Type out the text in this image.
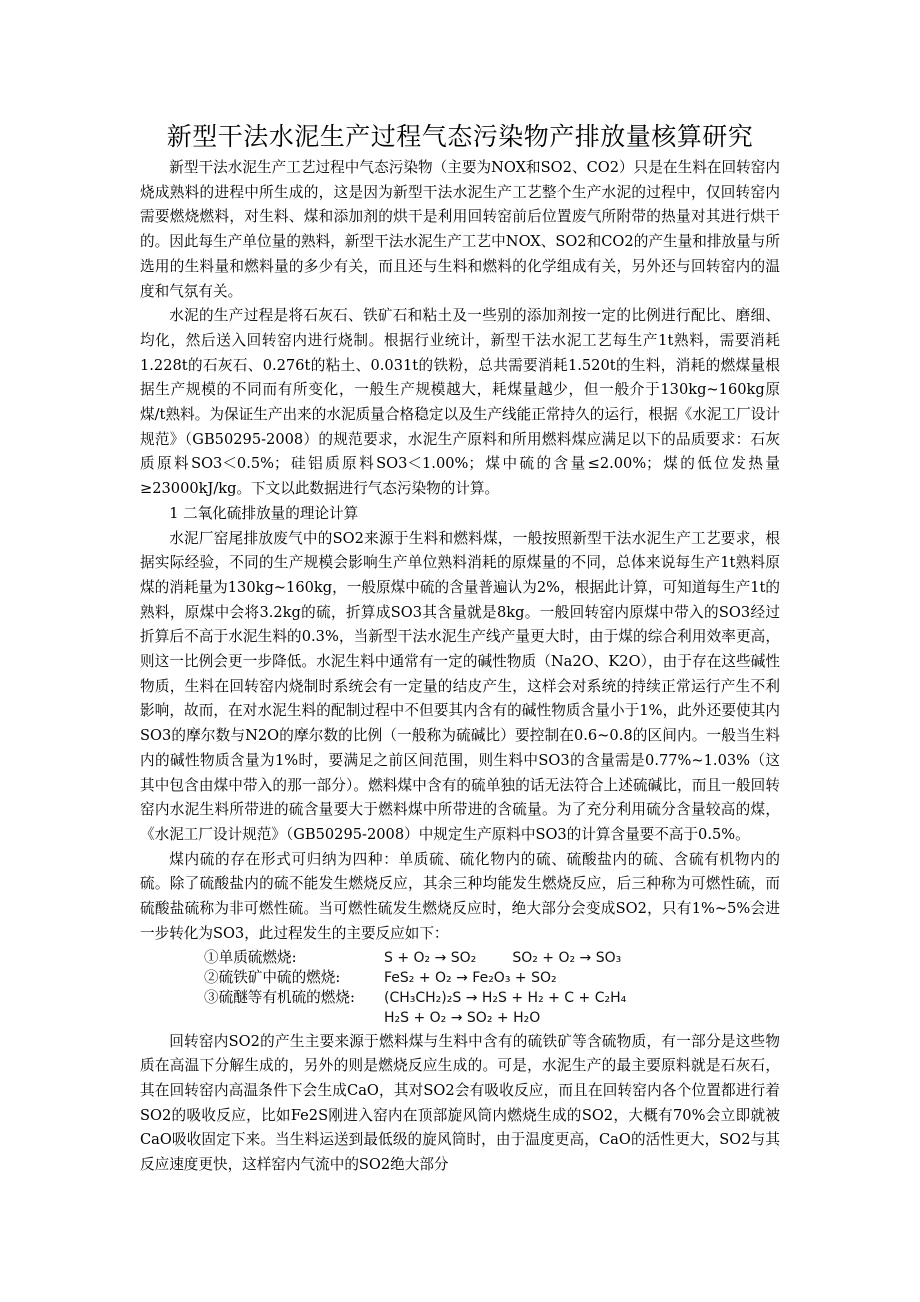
新型干法水泥生产过程气态污染物产排放量核算研究

新型干法水泥生产工艺过程中气态污染物（主要为NOX和SO2、CO2）只是在生料在回转窑内烧成熟料的进程中所生成的，这是因为新型干法水泥生产工艺整个生产水泥的过程中，仅回转窑内需要燃烧燃料，对生料、煤和添加剂的烘干是利用回转窑前后位置废气所附带的热量对其进行烘干的。因此每生产单位量的熟料，新型干法水泥生产工艺中NOX、SO2和CO2的产生量和排放量与所选用的生料量和燃料量的多少有关，而且还与生料和燃料的化学组成有关，另外还与回转窑内的温度和气氛有关。

水泥的生产过程是将石灰石、铁矿石和粘土及一些别的添加剂按一定的比例进行配比、磨细、均化，然后送入回转窑内进行烧制。根据行业统计，新型干法水泥工艺每生产1t熟料，需要消耗1.228t的石灰石、0.276t的粘土、0.031t的铁粉，总共需要消耗1.520t的生料，消耗的燃煤量根据生产规模的不同而有所变化，一般生产规模越大，耗煤量越少，但一般介于130kg~160kg原煤/t熟料。为保证生产出来的水泥质量合格稳定以及生产线能正常持久的运行，根据《水泥工厂设计规范》（GB50295-2008）的规范要求，水泥生产原料和所用燃料煤应满足以下的品质要求：石灰质原料SO3＜0.5%；硅铝质原料SO3＜1.00%；煤中硫的含量≤2.00%；煤的低位发热量≥23000kJ/kg。下文以此数据进行气态污染物的计算。

1 二氧化硫排放量的理论计算

水泥厂窑尾排放废气中的SO2来源于生料和燃料煤，一般按照新型干法水泥生产工艺要求，根据实际经验，不同的生产规模会影响生产单位熟料消耗的原煤量的不同，总体来说每生产1t熟料原煤的消耗量为130kg~160kg，一般原煤中硫的含量普遍认为2%，根据此计算，可知道每生产1t的熟料，原煤中会将3.2kg的硫，折算成SO3其含量就是8kg。一般回转窑内原煤中带入的SO3经过折算后不高于水泥生料的0.3%，当新型干法水泥生产线产量更大时，由于煤的综合利用效率更高，则这一比例会更一步降低。水泥生料中通常有一定的碱性物质（Na2O、K2O），由于存在这些碱性物质，生料在回转窑内烧制时系统会有一定量的结皮产生，这样会对系统的持续正常运行产生不利影响，故而，在对水泥生料的配制过程中不但要其内含有的碱性物质含量小于1%，此外还要使其内SO3的摩尔数与N2O的摩尔数的比例（一般称为硫碱比）要控制在0.6~0.8的区间内。一般当生料内的碱性物质含量为1%时，要满足之前区间范围，则生料中SO3的含量需是0.77%~1.03%（这其中包含由煤中带入的那一部分）。燃料煤中含有的硫单独的话无法符合上述硫碱比，而且一般回转窑内水泥生料所带进的硫含量要大于燃料煤中所带进的含硫量。为了充分利用硫分含量较高的煤，《水泥工厂设计规范》（GB50295-2008）中规定生产原料中SO3的计算含量要不高于0.5%。

煤内硫的存在形式可归纳为四种：单质硫、硫化物内的硫、硫酸盐内的硫、含硫有机物内的硫。除了硫酸盐内的硫不能发生燃烧反应，其余三种均能发生燃烧反应，后三种称为可燃性硫，而硫酸盐硫称为非可燃性硫。当可燃性硫发生燃烧反应时，绝大部分会变成SO2，只有1%~5%会进一步转化为SO3，此过程发生的主要反应如下：

①单质硫燃烧:	S + O₂ → SO₂	SO₂ + O₂ → SO₃
②硫铁矿中硫的燃烧:	FeS₂ + O₂ → Fe₂O₃ + SO₂
③硫醚等有机硫的燃烧:	(CH₃CH₂)₂S → H₂S + H₂ + C + C₂H₄
H₂S + O₂ → SO₂ + H₂O

回转窑内SO2的产生主要来源于燃料煤与生料中含有的硫铁矿等含硫物质，有一部分是这些物质在高温下分解生成的，另外的则是燃烧反应生成的。可是，水泥生产的最主要原料就是石灰石，其在回转窑内高温条件下会生成CaO，其对SO2会有吸收反应，而且在回转窑内各个位置都进行着SO2的吸收反应，比如Fe2S刚进入窑内在顶部旋风筒内燃烧生成的SO2，大概有70%会立即就被CaO吸收固定下来。当生料运送到最低级的旋风筒时，由于温度更高，CaO的活性更大，SO2与其反应速度更快，这样窑内气流中的SO2绝大部分
